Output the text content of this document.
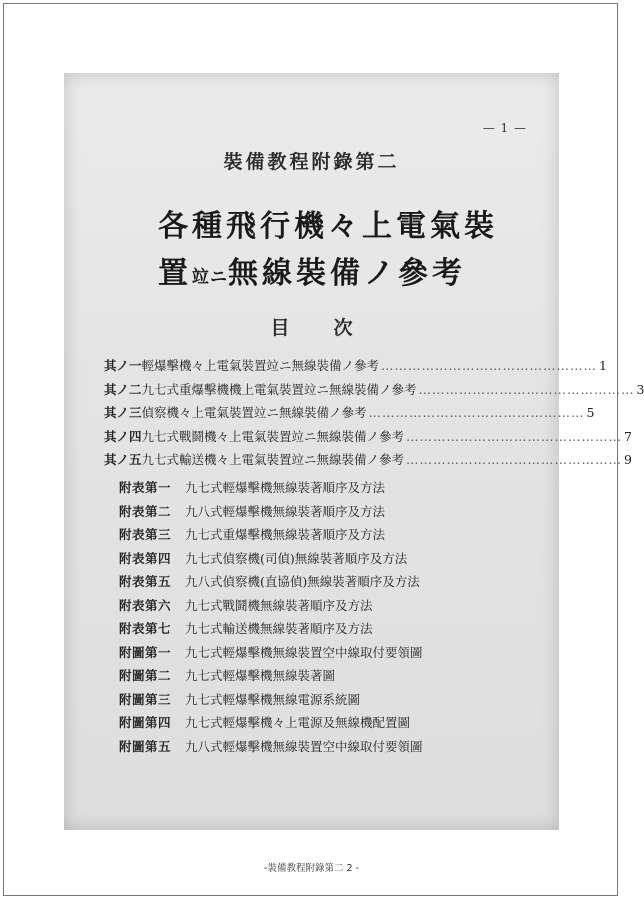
— 1 —
裝備教程附錄第二
各種飛行機々上電氣裝
置竝ニ無線裝備ノ參考
目次
其ノ一 輕爆擊機々上電氣裝置竝ニ無線裝備ノ參考 ………………………………………… 1
其ノ二 九七式重爆擊機機上電氣裝置竝ニ無線裝備ノ參考 ………………………………………… 3
其ノ三 偵察機々上電氣裝置竝ニ無線裝備ノ參考 ………………………………………… 5
其ノ四 九七式戰鬪機々上電氣裝置竝ニ無線裝備ノ參考 ………………………………………… 7
其ノ五 九七式輸送機々上電氣裝置竝ニ無線裝備ノ參考 ………………………………………… 9
附表第一	九七式輕爆擊機無線裝著順序及方法
附表第二	九八式輕爆擊機無線裝著順序及方法
附表第三	九七式重爆擊機無線裝著順序及方法
附表第四	九七式偵察機(司偵)無線裝著順序及方法
附表第五	九八式偵察機(直協偵)無線裝著順序及方法
附表第六	九七式戰鬪機無線裝著順序及方法
附表第七	九七式輸送機無線裝著順序及方法
附圖第一	九七式輕爆擊機無線裝置空中線取付要領圖
附圖第二	九七式輕爆擊機無線裝著圖
附圖第三	九七式輕爆擊機無線電源系統圖
附圖第四	九七式輕爆擊機々上電源及無線機配置圖
附圖第五	九八式輕爆擊機無線裝置空中線取付要領圖
-裝備教程附錄第二 2 -
